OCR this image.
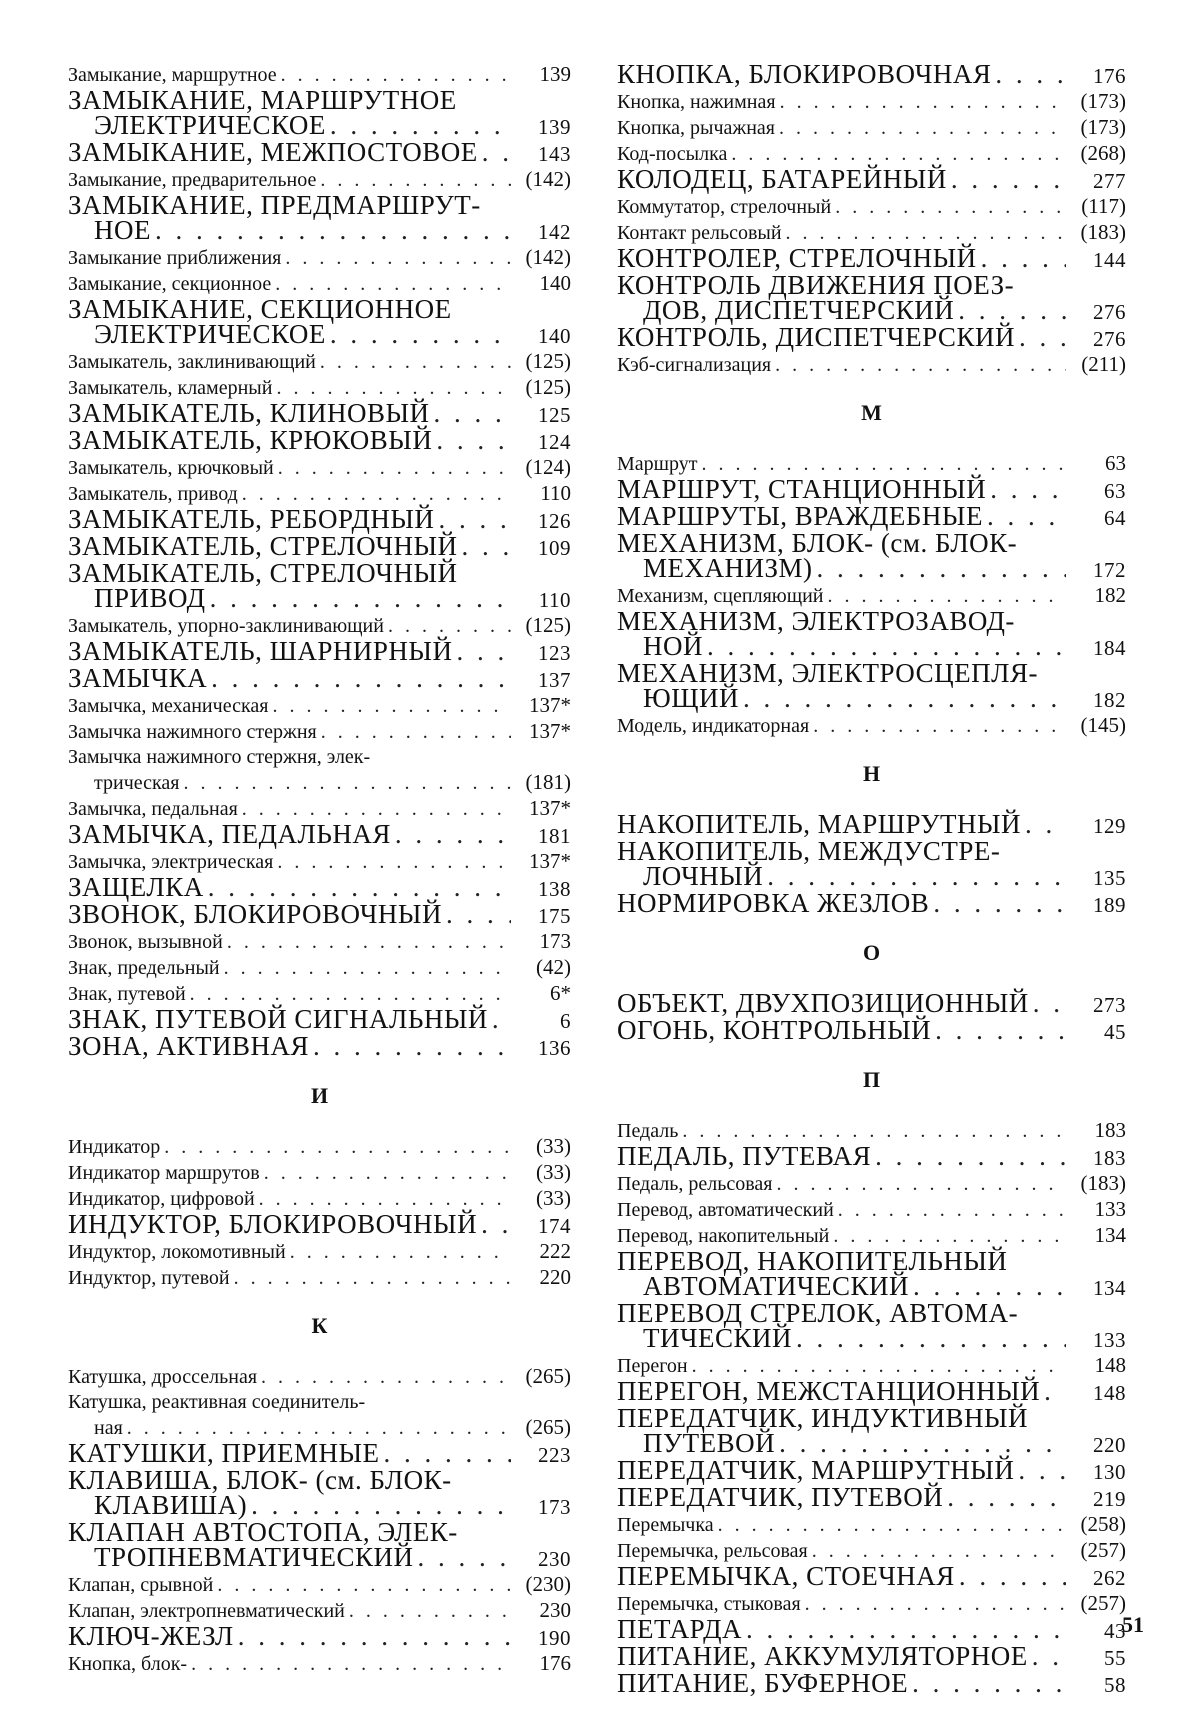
Замыкание, маршрутное . . .	139
ЗАМЫКАНИЕ, МАРШРУТНОЕ
ЭЛЕКТРИЧЕСКОЕ . . .	139
ЗАМЫКАНИЕ, МЕЖПОСТОВОЕ . . .	143
Замыкание, предварительное . . .	(142)
ЗАМЫКАНИЕ, ПРЕДМАРШРУТ-
НОЕ . . .	142
Замыкание приближения . . .	(142)
Замыкание, секционное . . .	140
ЗАМЫКАНИЕ, СЕКЦИОННОЕ
ЭЛЕКТРИЧЕСКОЕ . . .	140
Замыкатель, заклинивающий . . .	(125)
Замыкатель, кламерный . . .	(125)
ЗАМЫКАТЕЛЬ, КЛИНОВЫЙ . . .	125
ЗАМЫКАТЕЛЬ, КРЮКОВЫЙ . . .	124
Замыкатель, крючковый . . .	(124)
Замыкатель, привод . . .	110
ЗАМЫКАТЕЛЬ, РЕБОРДНЫЙ . . .	126
ЗАМЫКАТЕЛЬ, СТРЕЛОЧНЫЙ . . .	109
ЗАМЫКАТЕЛЬ, СТРЕЛОЧНЫЙ
ПРИВОД . . .	110
Замыкатель, упорно-заклинивающий . . .	(125)
ЗАМЫКАТЕЛЬ, ШАРНИРНЫЙ . . .	123
ЗАМЫЧКА . . .	137
Замычка, механическая . . .	137*
Замычка нажимного стержня . . .	137*
Замычка нажимного стержня, элек-
трическая . . .	(181)
Замычка, педальная . . .	137*
ЗАМЫЧКА, ПЕДАЛЬНАЯ . . .	181
Замычка, электрическая . . .	137*
ЗАЩЕЛКА . . .	138
ЗВОНОК, БЛОКИРОВОЧНЫЙ . . .	175
Звонок, вызывной . . .	173
Знак, предельный . . .	(42)
Знак, путевой . . .	6*
ЗНАК, ПУТЕВОЙ СИГНАЛЬНЫЙ . . .	6
ЗОНА, АКТИВНАЯ . . .	136
И
Индикатор . . .	(33)
Индикатор маршрутов . . .	(33)
Индикатор, цифровой . . .	(33)
ИНДУКТОР, БЛОКИРОВОЧНЫЙ . . .	174
Индуктор, локомотивный . . .	222
Индуктор, путевой . . .	220
К
Катушка, дроссельная . . .	(265)
Катушка, реактивная соединитель-
ная . . .	(265)
КАТУШКИ, ПРИЕМНЫЕ . . .	223
КЛАВИША, БЛОК- (см. БЛОК-
КЛАВИША) . . .	173
КЛАПАН АВТОСТОПА, ЭЛЕК-
ТРОПНЕВМАТИЧЕСКИЙ . . .	230
Клапан, срывной . . .	(230)
Клапан, электропневматический . . .	230
КЛЮЧ-ЖЕЗЛ . . .	190
Кнопка, блок- . . .	176
КНОПКА, БЛОКИРОВОЧНАЯ . . .	176
Кнопка, нажимная . . .	(173)
Кнопка, рычажная . . .	(173)
Код-посылка . . .	(268)
КОЛОДЕЦ, БАТАРЕЙНЫЙ . . .	277
Коммутатор, стрелочный . . .	(117)
Контакт рельсовый . . .	(183)
КОНТРОЛЕР, СТРЕЛОЧНЫЙ . . .	144
КОНТРОЛЬ ДВИЖЕНИЯ ПОЕЗ-
ДОВ, ДИСПЕТЧЕРСКИЙ . . .	276
КОНТРОЛЬ, ДИСПЕТЧЕРСКИЙ . . .	276
Кэб-сигнализация . . .	(211)
М
Маршрут . . .	63
МАРШРУТ, СТАНЦИОННЫЙ . . .	63
МАРШРУТЫ, ВРАЖДЕБНЫЕ . . .	64
МЕХАНИЗМ, БЛОК- (см. БЛОК-
МЕХАНИЗМ) . . .	172
Механизм, сцепляющий . . .	182
МЕХАНИЗМ, ЭЛЕКТРОЗАВОД-
НОЙ . . .	184
МЕХАНИЗМ, ЭЛЕКТРОСЦЕПЛЯ-
ЮЩИЙ . . .	182
Модель, индикаторная . . .	(145)
Н
НАКОПИТЕЛЬ, МАРШРУТНЫЙ . . .	129
НАКОПИТЕЛЬ, МЕЖДУСТРЕ-
ЛОЧНЫЙ . . .	135
НОРМИРОВКА ЖЕЗЛОВ . . .	189
О
ОБЪЕКТ, ДВУХПОЗИЦИОННЫЙ . . .	273
ОГОНЬ, КОНТРОЛЬНЫЙ . . .	45
П
Педаль . . .	183
ПЕДАЛЬ, ПУТЕВАЯ . . .	183
Педаль, рельсовая . . .	(183)
Перевод, автоматический . . .	133
Перевод, накопительный . . .	134
ПЕРЕВОД, НАКОПИТЕЛЬНЫЙ
АВТОМАТИЧЕСКИЙ . . .	134
ПЕРЕВОД СТРЕЛОК, АВТОМА-
ТИЧЕСКИЙ . . .	133
Перегон . . .	148
ПЕРЕГОН, МЕЖСТАНЦИОННЫЙ . . .	148
ПЕРЕДАТЧИК, ИНДУКТИВНЫЙ
ПУТЕВОЙ . . .	220
ПЕРЕДАТЧИК, МАРШРУТНЫЙ . . .	130
ПЕРЕДАТЧИК, ПУТЕВОЙ . . .	219
Перемычка . . .	(258)
Перемычка, рельсовая . . .	(257)
ПЕРЕМЫЧКА, СТОЕЧНАЯ . . .	262
Перемычка, стыковая . . .	(257)
ПЕТАРДА . . .	43
ПИТАНИЕ, АККУМУЛЯТОРНОЕ . . .	55
ПИТАНИЕ, БУФЕРНОЕ . . .	58
51
